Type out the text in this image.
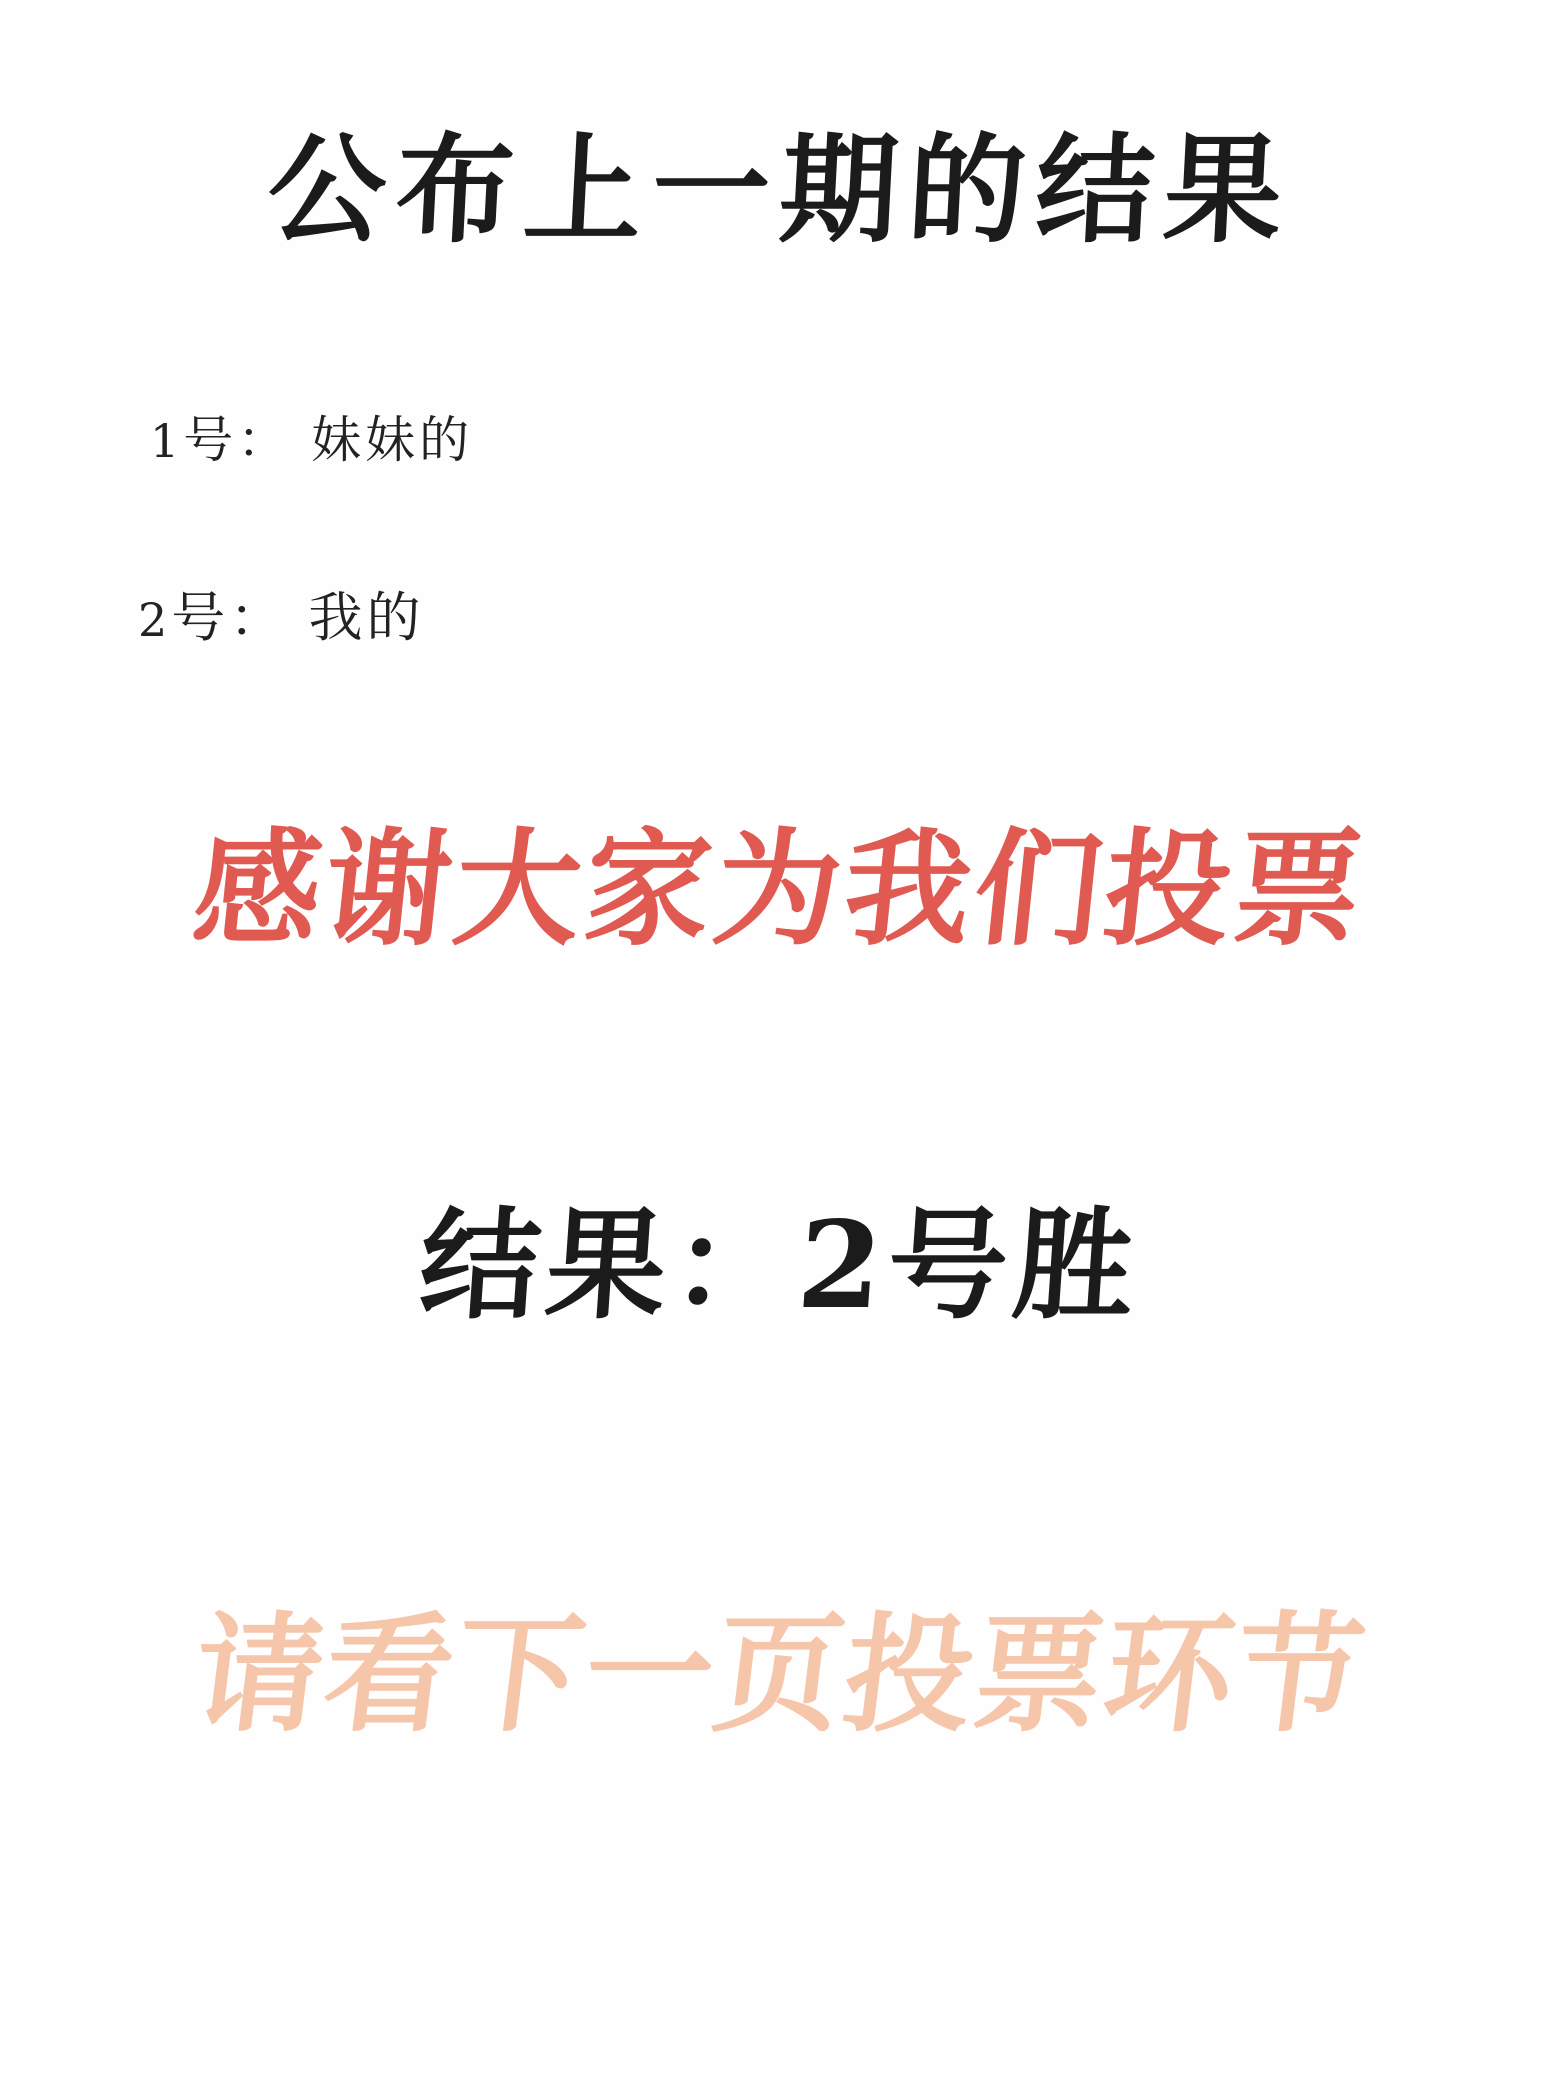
公布上一期的结果
1号： 妹妹的
2号： 我的
感谢大家为我们投票
结果：2号胜
请看下一页投票环节
